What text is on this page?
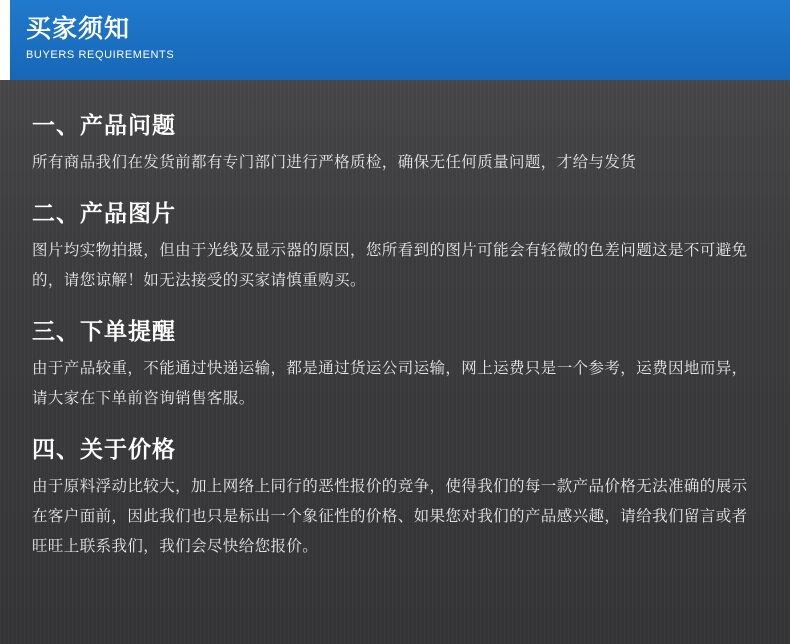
买家须知
BUYERS REQUIREMENTS
一、产品问题

所有商品我们在发货前都有专门部门进行严格质检，确保无任何质量问题，才给与发货

二、产品图片

图片均实物拍摄，但由于光线及显示器的原因，您所看到的图片可能会有轻微的色差问题这是不可避免的，请您谅解！如无法接受的买家请慎重购买。

三、下单提醒

由于产品较重，不能通过快递运输，都是通过货运公司运输，网上运费只是一个参考，运费因地而异，请大家在下单前咨询销售客服。

四、关于价格

由于原料浮动比较大，加上网络上同行的恶性报价的竞争，使得我们的每一款产品价格无法准确的展示在客户面前，因此我们也只是标出一个象征性的价格、如果您对我们的产品感兴趣，请给我们留言或者旺旺上联系我们，我们会尽快给您报价。
